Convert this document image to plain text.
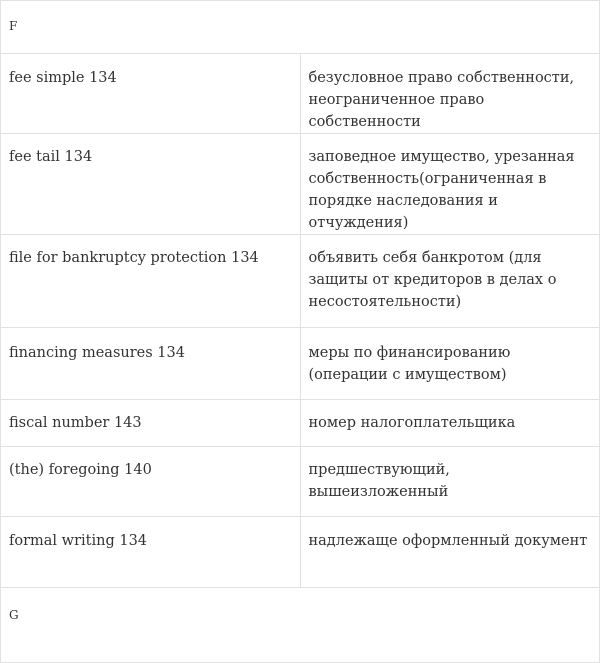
F	
fee simple 134	безусловное право собственности, неограниченное право собственности
fee tail 134	заповедное имущество, урезанная собственность(ограниченная в порядке наследования и отчуждения)
file for bankruptcy protection 134	объявить себя банкротом (для защиты от кредиторов в делах о несостоятельности)
financing measures 134	меры по финансированию (операции с имуществом)
fiscal number 143	номер налогоплательщика
(the) foregoing 140	предшествующий, вышеизложенный
formal writing 134	надлежаще оформленный документ
G	
